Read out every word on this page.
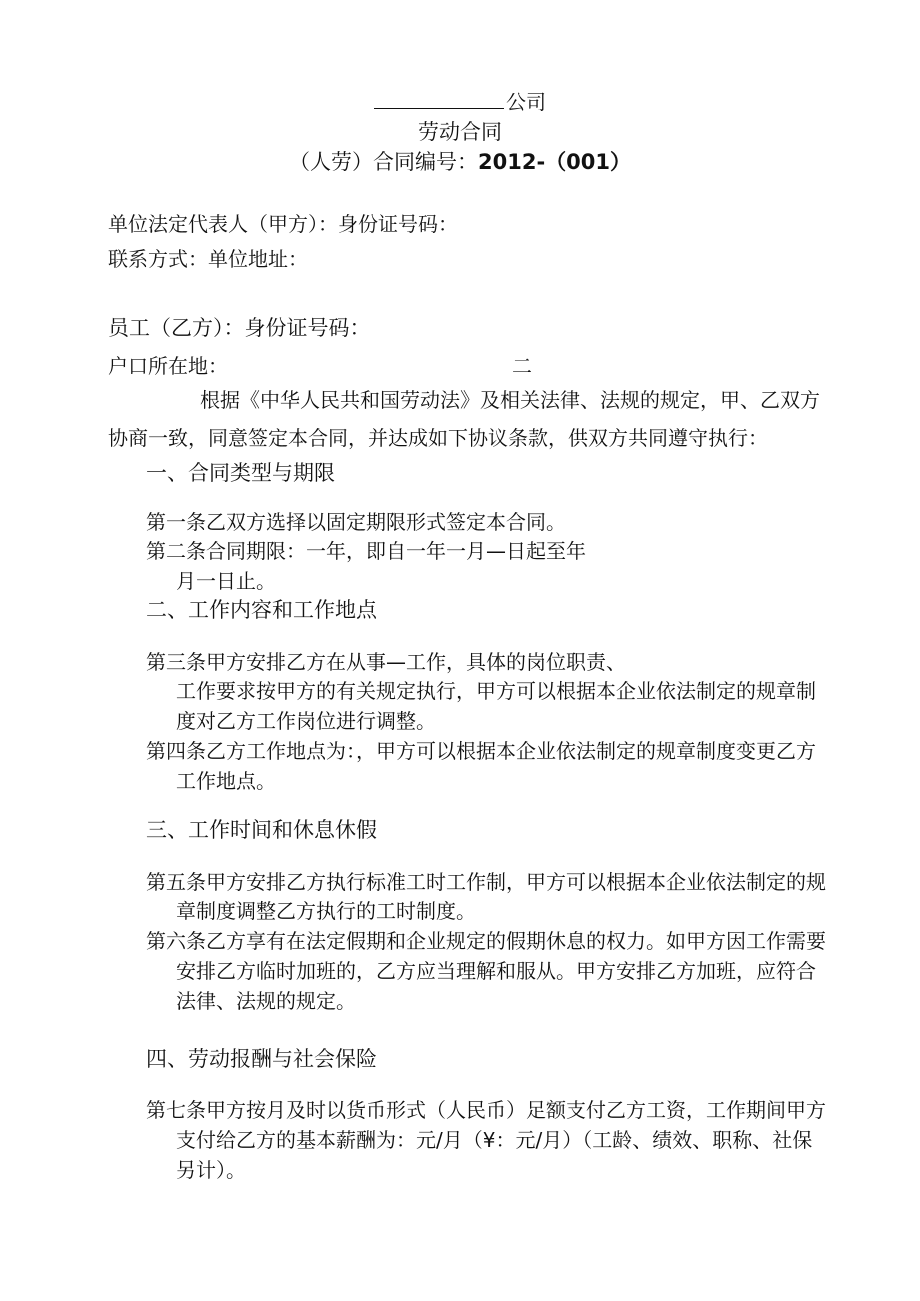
公司
劳动合同
（人劳）合同编号：2012-（001）
单位法定代表人（甲方）：身份证号码：
联系方式：单位地址：
员工（乙方）：身份证号码：
户口所在地：	二
根据《中华人民共和国劳动法》及相关法律、法规的规定，甲、乙双方
协商一致，同意签定本合同，并达成如下协议条款，供双方共同遵守执行：
一、合同类型与期限
第一条乙双方选择以固定期限形式签定本合同。
第二条合同期限：一年，即自一年一月—日起至年
月一日止。
二、工作内容和工作地点
第三条甲方安排乙方在从事—工作，具体的岗位职责、
工作要求按甲方的有关规定执行，甲方可以根据本企业依法制定的规章制
度对乙方工作岗位进行调整。
第四条乙方工作地点为：，甲方可以根据本企业依法制定的规章制度变更乙方
工作地点。
三、工作时间和休息休假
第五条甲方安排乙方执行标准工时工作制，甲方可以根据本企业依法制定的规
章制度调整乙方执行的工时制度。
第六条乙方享有在法定假期和企业规定的假期休息的权力。如甲方因工作需要
安排乙方临时加班的，乙方应当理解和服从。甲方安排乙方加班，应符合
法律、法规的规定。
四、劳动报酬与社会保险
第七条甲方按月及时以货币形式（人民币）足额支付乙方工资，工作期间甲方
支付给乙方的基本薪酬为：元/月（¥：元/月）（工龄、绩效、职称、社保
另计）。
